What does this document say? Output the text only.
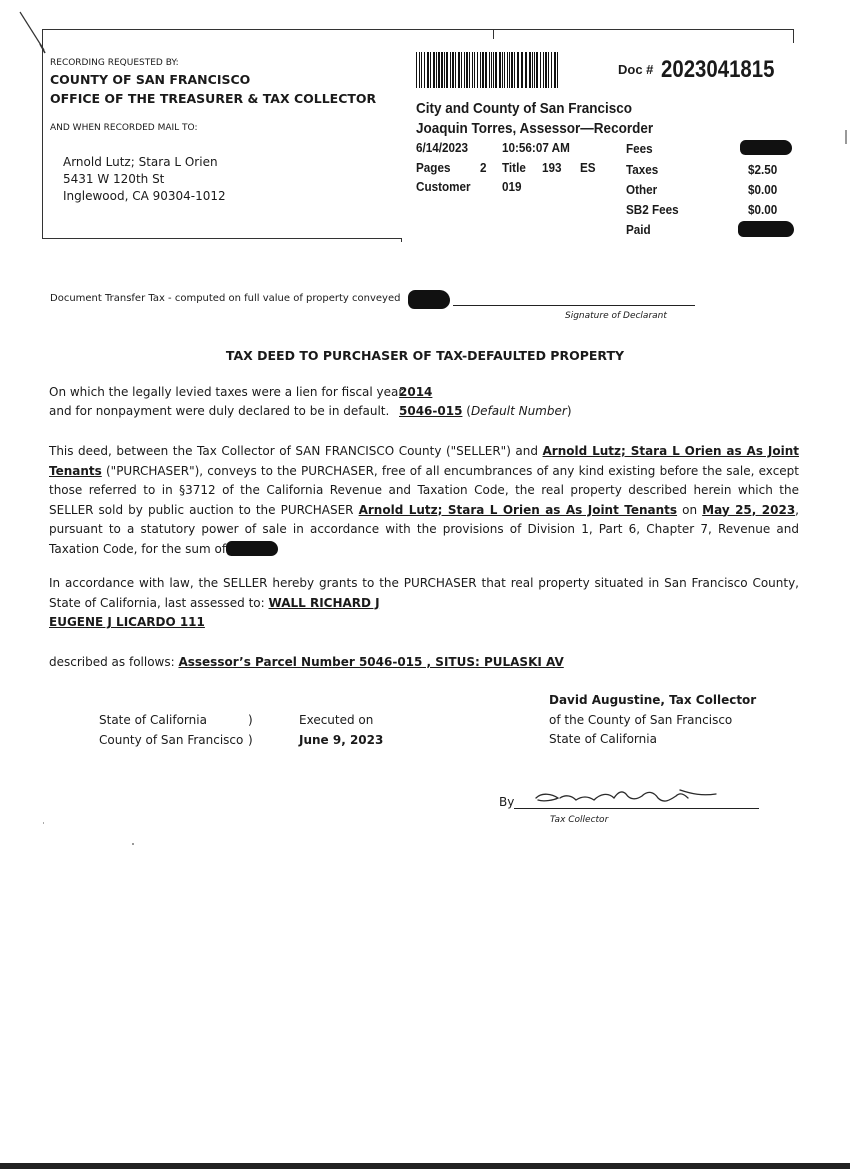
RECORDING REQUESTED BY:
COUNTY OF SAN FRANCISCO
OFFICE OF THE TREASURER & TAX COLLECTOR
AND WHEN RECORDED MAIL TO:
Arnold Lutz; Stara L Orien
5431 W 120th St
Inglewood, CA 90304-1012
Doc # 2023041815
City and County of San Francisco
Joaquin Torres, Assessor—Recorder
6/14/2023	10:56:07 AM
Pages 2 Title 193 ES
Customer 019
Fees
Taxes	$2.50
Other	$0.00
SB2 Fees	$0.00
Paid
Document Transfer Tax - computed on full value of property conveyed
Signature of Declarant
TAX DEED TO PURCHASER OF TAX-DEFAULTED PROPERTY
On which the legally levied taxes were a lien for fiscal year
2014
and for nonpayment were duly declared to be in default. 5046-015 (Default Number)
This deed, between the Tax Collector of SAN FRANCISCO County ("SELLER") and Arnold Lutz; Stara L Orien as As Joint Tenants ("PURCHASER"), conveys to the PURCHASER, free of all encumbrances of any kind existing before the sale, except those referred to in §3712 of the California Revenue and Taxation Code, the real property described herein which the SELLER sold by public auction to the PURCHASER Arnold Lutz; Stara L Orien as As Joint Tenants on May 25, 2023, pursuant to a statutory power of sale in accordance with the provisions of Division 1, Part 6, Chapter 7, Revenue and Taxation Code, for the sum of
In accordance with law, the SELLER hereby grants to the PURCHASER that real property situated in San Francisco County, State of California, last assessed to: WALL RICHARD J
EUGENE J LICARDO 111
described as follows: Assessor’s Parcel Number 5046-015 , SITUS: PULASKI AV
David Augustine, Tax Collector
of the County of San Francisco
State of California
State of California	)
County of San Francisco )
Executed on
June 9, 2023
By
Tax Collector
